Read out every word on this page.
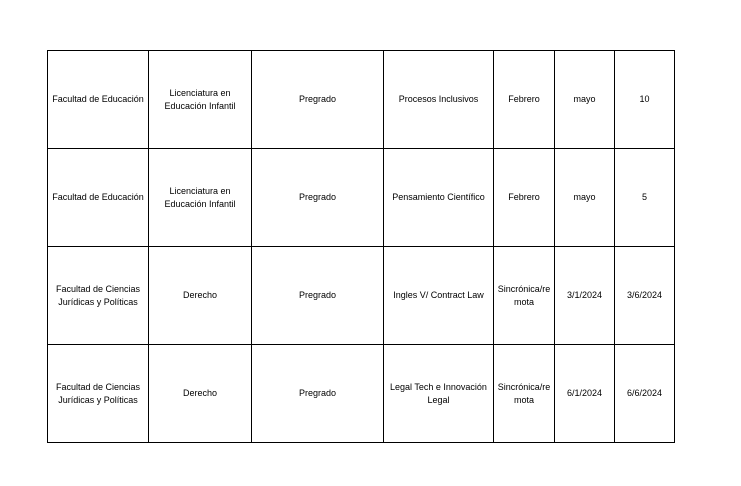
Facultad de Educación	Licenciatura en Educación Infantil	Pregrado	Procesos Inclusivos	Febrero	mayo	10
Facultad de Educación	Licenciatura en Educación Infantil	Pregrado	Pensamiento Científico	Febrero	mayo	5
Facultad de Ciencias Jurídicas y Políticas	Derecho	Pregrado	Ingles V/ Contract Law	Sincrónica/remota	3/1/2024	3/6/2024
Facultad de Ciencias Jurídicas y Políticas	Derecho	Pregrado	Legal Tech e Innovación Legal	Sincrónica/remota	6/1/2024	6/6/2024
